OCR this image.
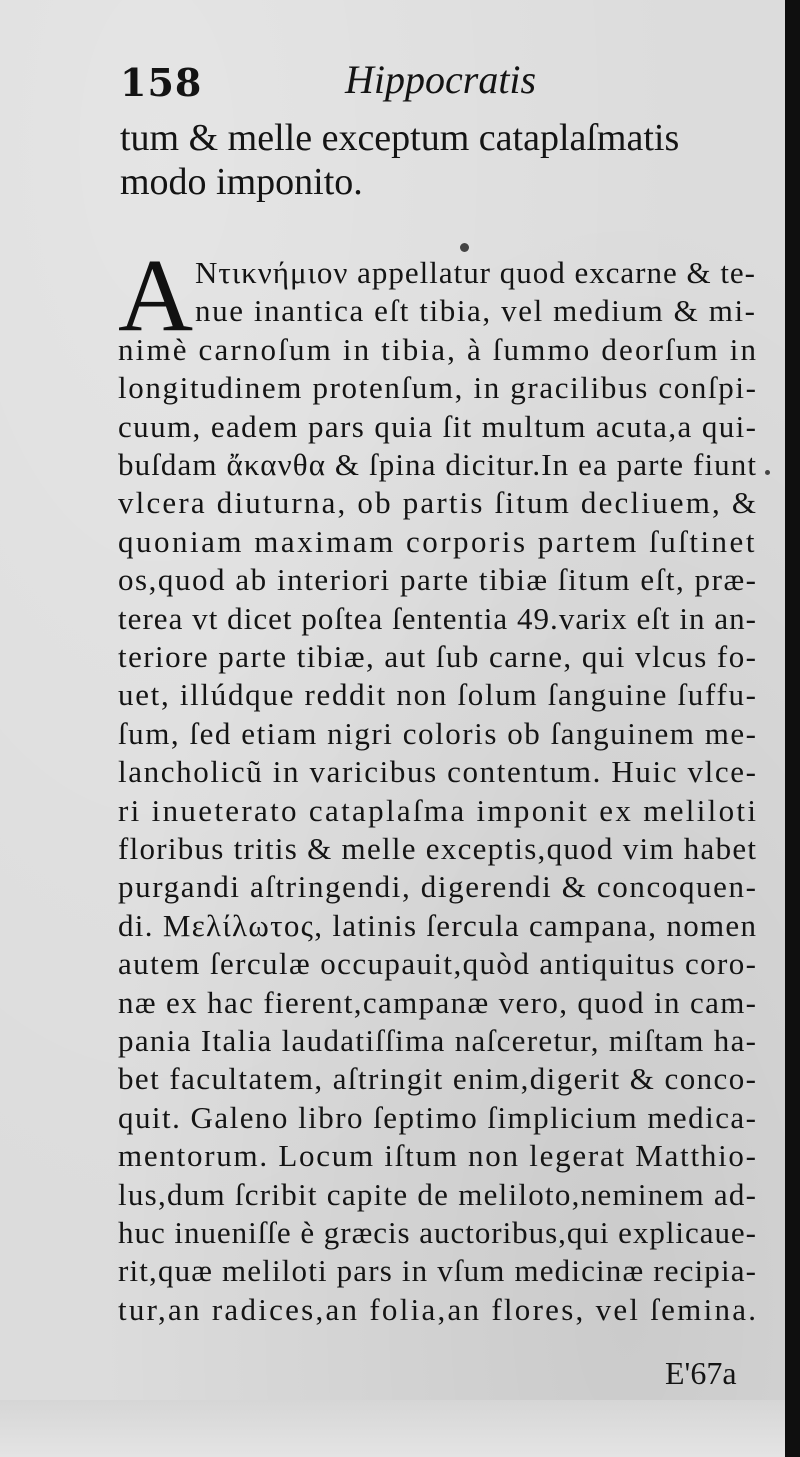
158	Hippocratis
tum & melle exceptum cataplaſmatis
modo imponito.
A Nτικνήμιον appellatur quod excarne & te-
nue inantica eſt tibia, vel medium & mi-
nimè carnoſum in tibia, à ſummo deorſum in
longitudinem protenſum, in gracilibus conſpi-
cuum, eadem pars quia ſit multum acuta,a qui-
buſdam ἄκανθα & ſpina dicitur.In ea parte fiunt
vlcera diuturna, ob partis ſitum decliuem, &
quoniam maximam corporis partem ſuſtinet
os,quod ab interiori parte tibiæ ſitum eſt, præ-
terea vt dicet poſtea ſententia 49.varix eſt in an-
teriore parte tibiæ, aut ſub carne, qui vlcus fo-
uet, illúdque reddit non ſolum ſanguine ſuffu-
ſum, ſed etiam nigri coloris ob ſanguinem me-
lancholicũ in varicibus contentum. Huic vlce-
ri inueterato cataplaſma imponit ex meliloti
floribus tritis & melle exceptis,quod vim habet
purgandi aſtringendi, digerendi & concoquen-
di. Μελίλωτος, latinis ſercula campana, nomen
autem ſerculæ occupauit,quòd antiquitus coro-
næ ex hac fierent,campanæ vero, quod in cam-
pania Italia laudatiſſima naſceretur, miſtam ha-
bet facultatem, aſtringit enim,digerit & conco-
quit. Galeno libro ſeptimo ſimplicium medica-
mentorum. Locum iſtum non legerat Matthio-
lus,dum ſcribit capite de meliloto,neminem ad-
huc inueniſſe è græcis auctoribus,qui explicaue-
rit,quæ meliloti pars in vſum medicinæ recipia-
tur,an radices,an folia,an flores, vel ſemina.
E'67a
